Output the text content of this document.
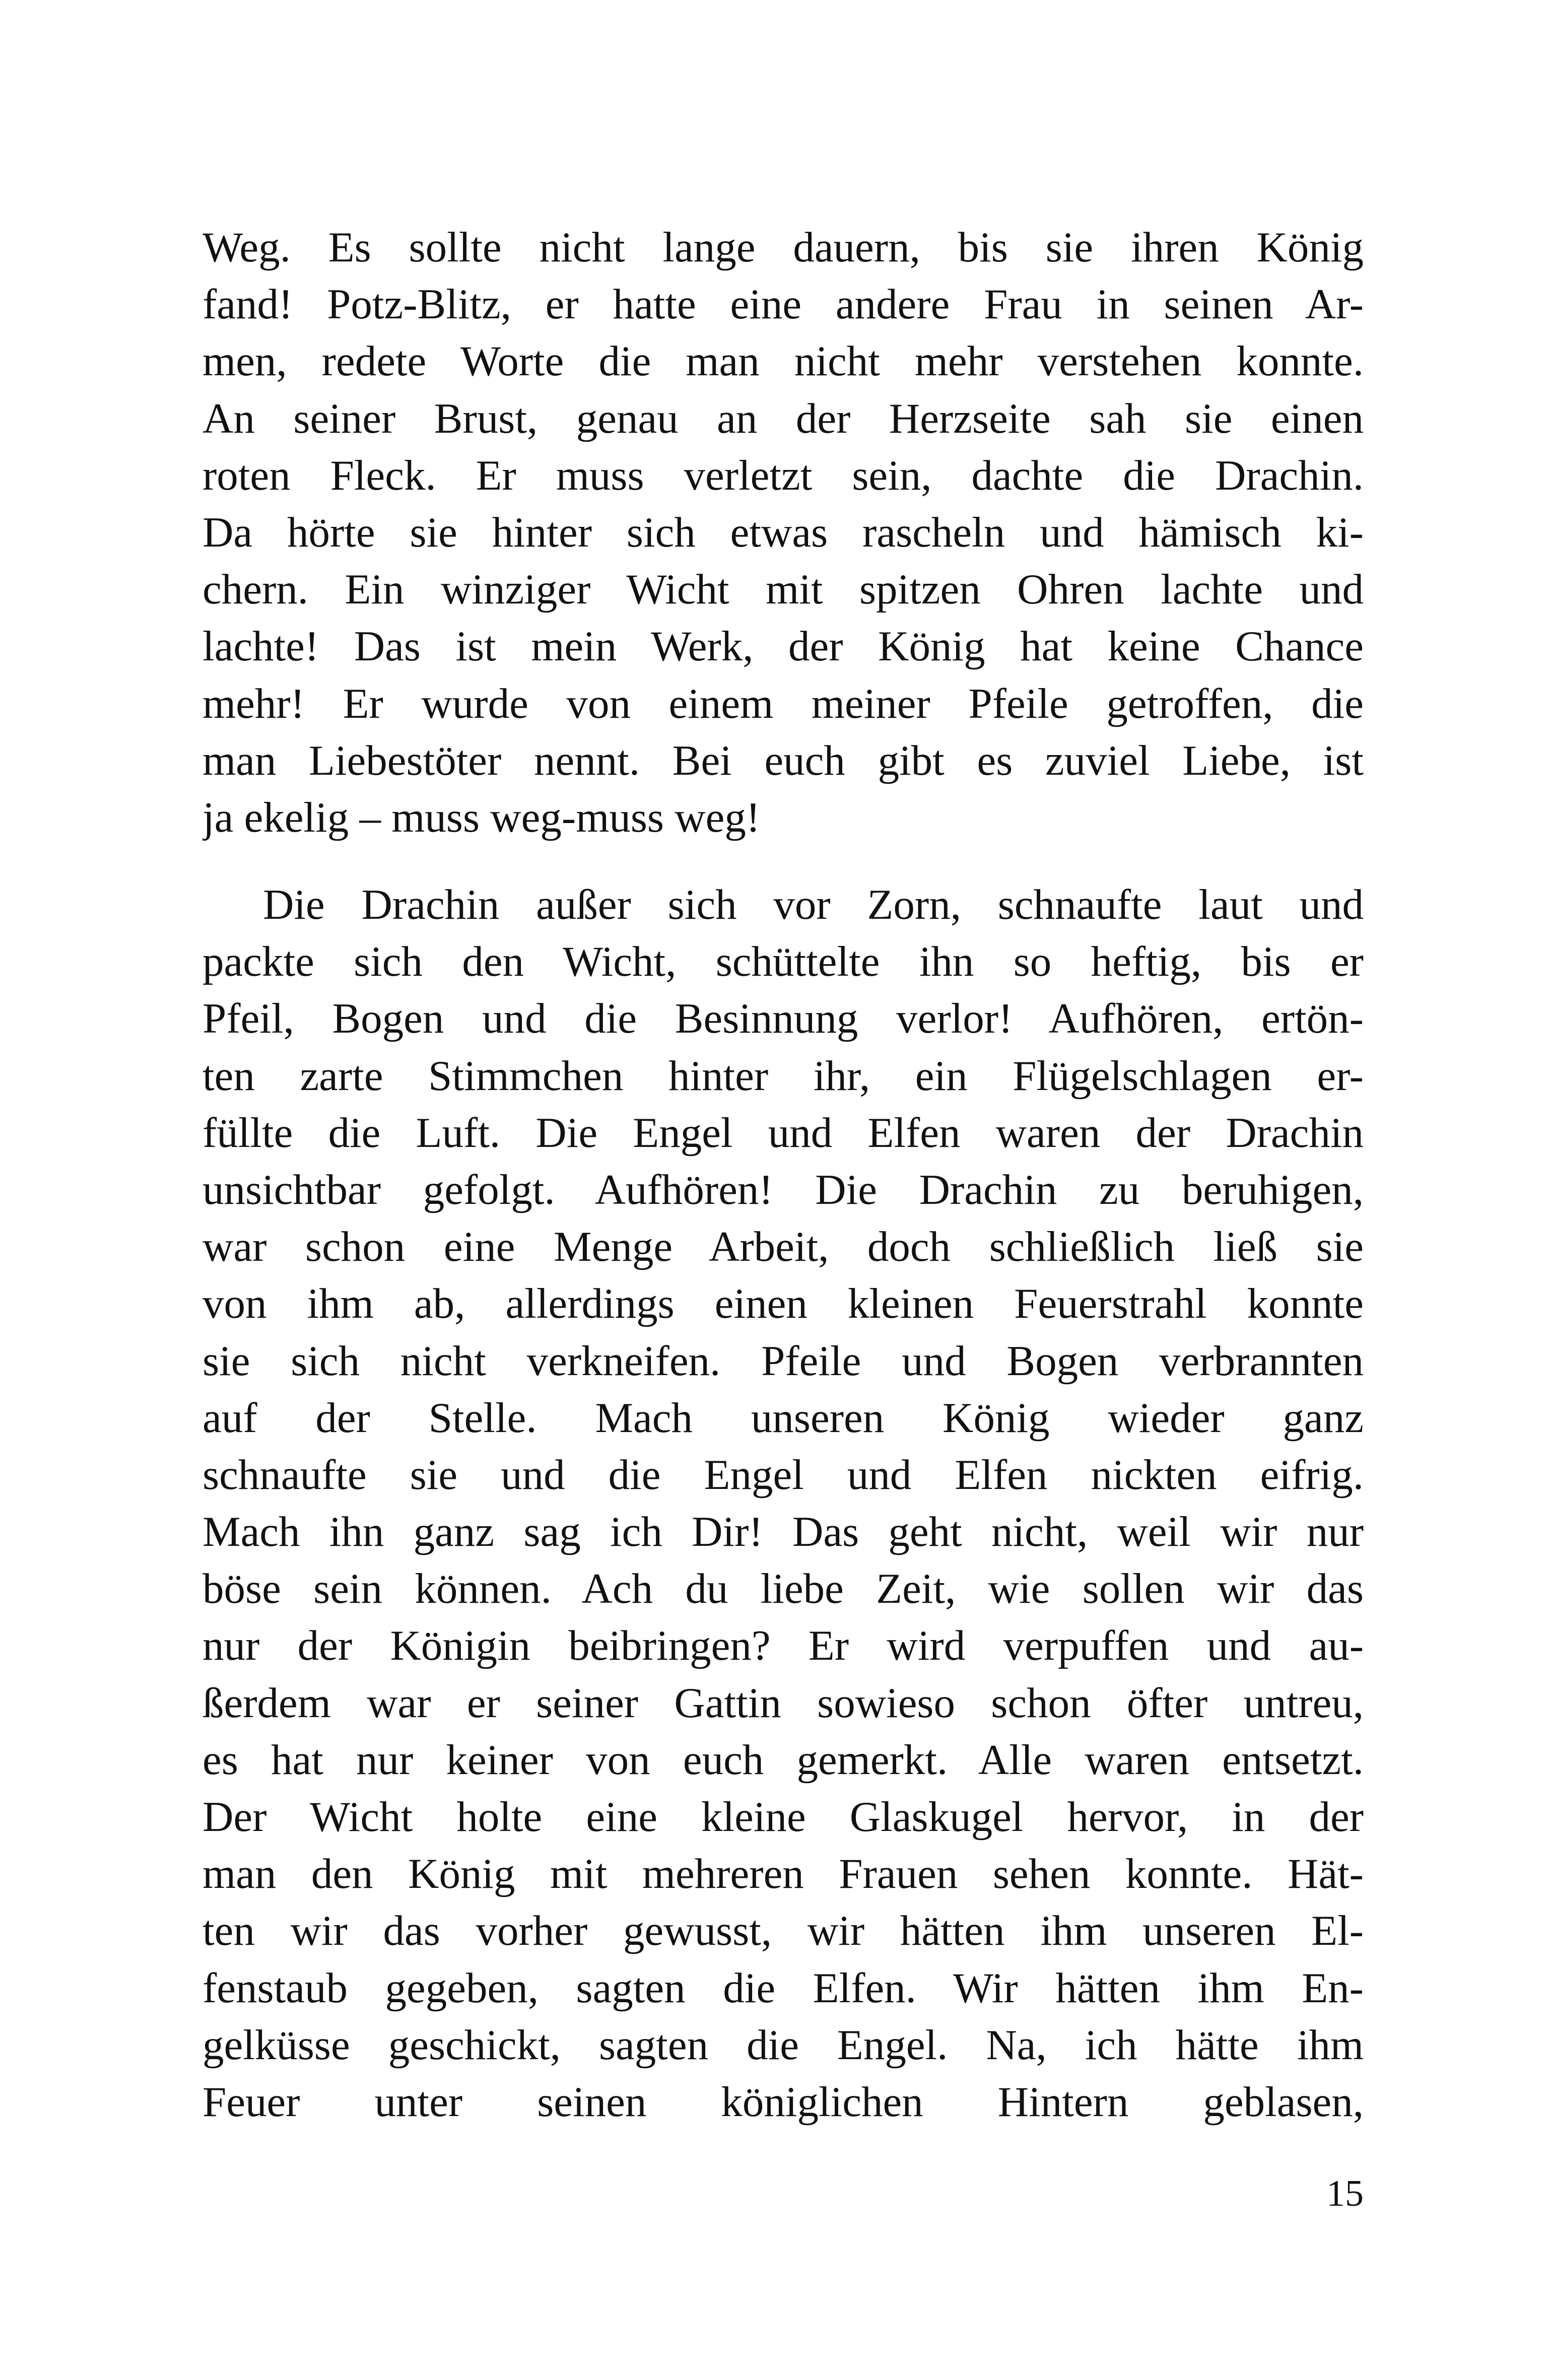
Weg. Es sollte nicht lange dauern, bis sie ihren König
fand! Potz-Blitz, er hatte eine andere Frau in seinen Ar-
men, redete Worte die man nicht mehr verstehen konnte.
An seiner Brust, genau an der Herzseite sah sie einen
roten Fleck. Er muss verletzt sein, dachte die Drachin.
Da hörte sie hinter sich etwas rascheln und hämisch ki-
chern. Ein winziger Wicht mit spitzen Ohren lachte und
lachte! Das ist mein Werk, der König hat keine Chance
mehr! Er wurde von einem meiner Pfeile getroffen, die
man Liebestöter nennt. Bei euch gibt es zuviel Liebe, ist
ja ekelig – muss weg-muss weg!
Die Drachin außer sich vor Zorn, schnaufte laut und
packte sich den Wicht, schüttelte ihn so heftig, bis er
Pfeil, Bogen und die Besinnung verlor! Aufhören, ertön-
ten zarte Stimmchen hinter ihr, ein Flügelschlagen er-
füllte die Luft. Die Engel und Elfen waren der Drachin
unsichtbar gefolgt. Aufhören! Die Drachin zu beruhigen,
war schon eine Menge Arbeit, doch schließlich ließ sie
von ihm ab, allerdings einen kleinen Feuerstrahl konnte
sie sich nicht verkneifen. Pfeile und Bogen verbrannten
auf der Stelle. Mach unseren König wieder ganz
schnaufte sie und die Engel und Elfen nickten eifrig.
Mach ihn ganz sag ich Dir! Das geht nicht, weil wir nur
böse sein können. Ach du liebe Zeit, wie sollen wir das
nur der Königin beibringen? Er wird verpuffen und au-
ßerdem war er seiner Gattin sowieso schon öfter untreu,
es hat nur keiner von euch gemerkt. Alle waren entsetzt.
Der Wicht holte eine kleine Glaskugel hervor, in der
man den König mit mehreren Frauen sehen konnte. Hät-
ten wir das vorher gewusst, wir hätten ihm unseren El-
fenstaub gegeben, sagten die Elfen. Wir hätten ihm En-
gelküsse geschickt, sagten die Engel. Na, ich hätte ihm
Feuer unter seinen königlichen Hintern geblasen,
15
